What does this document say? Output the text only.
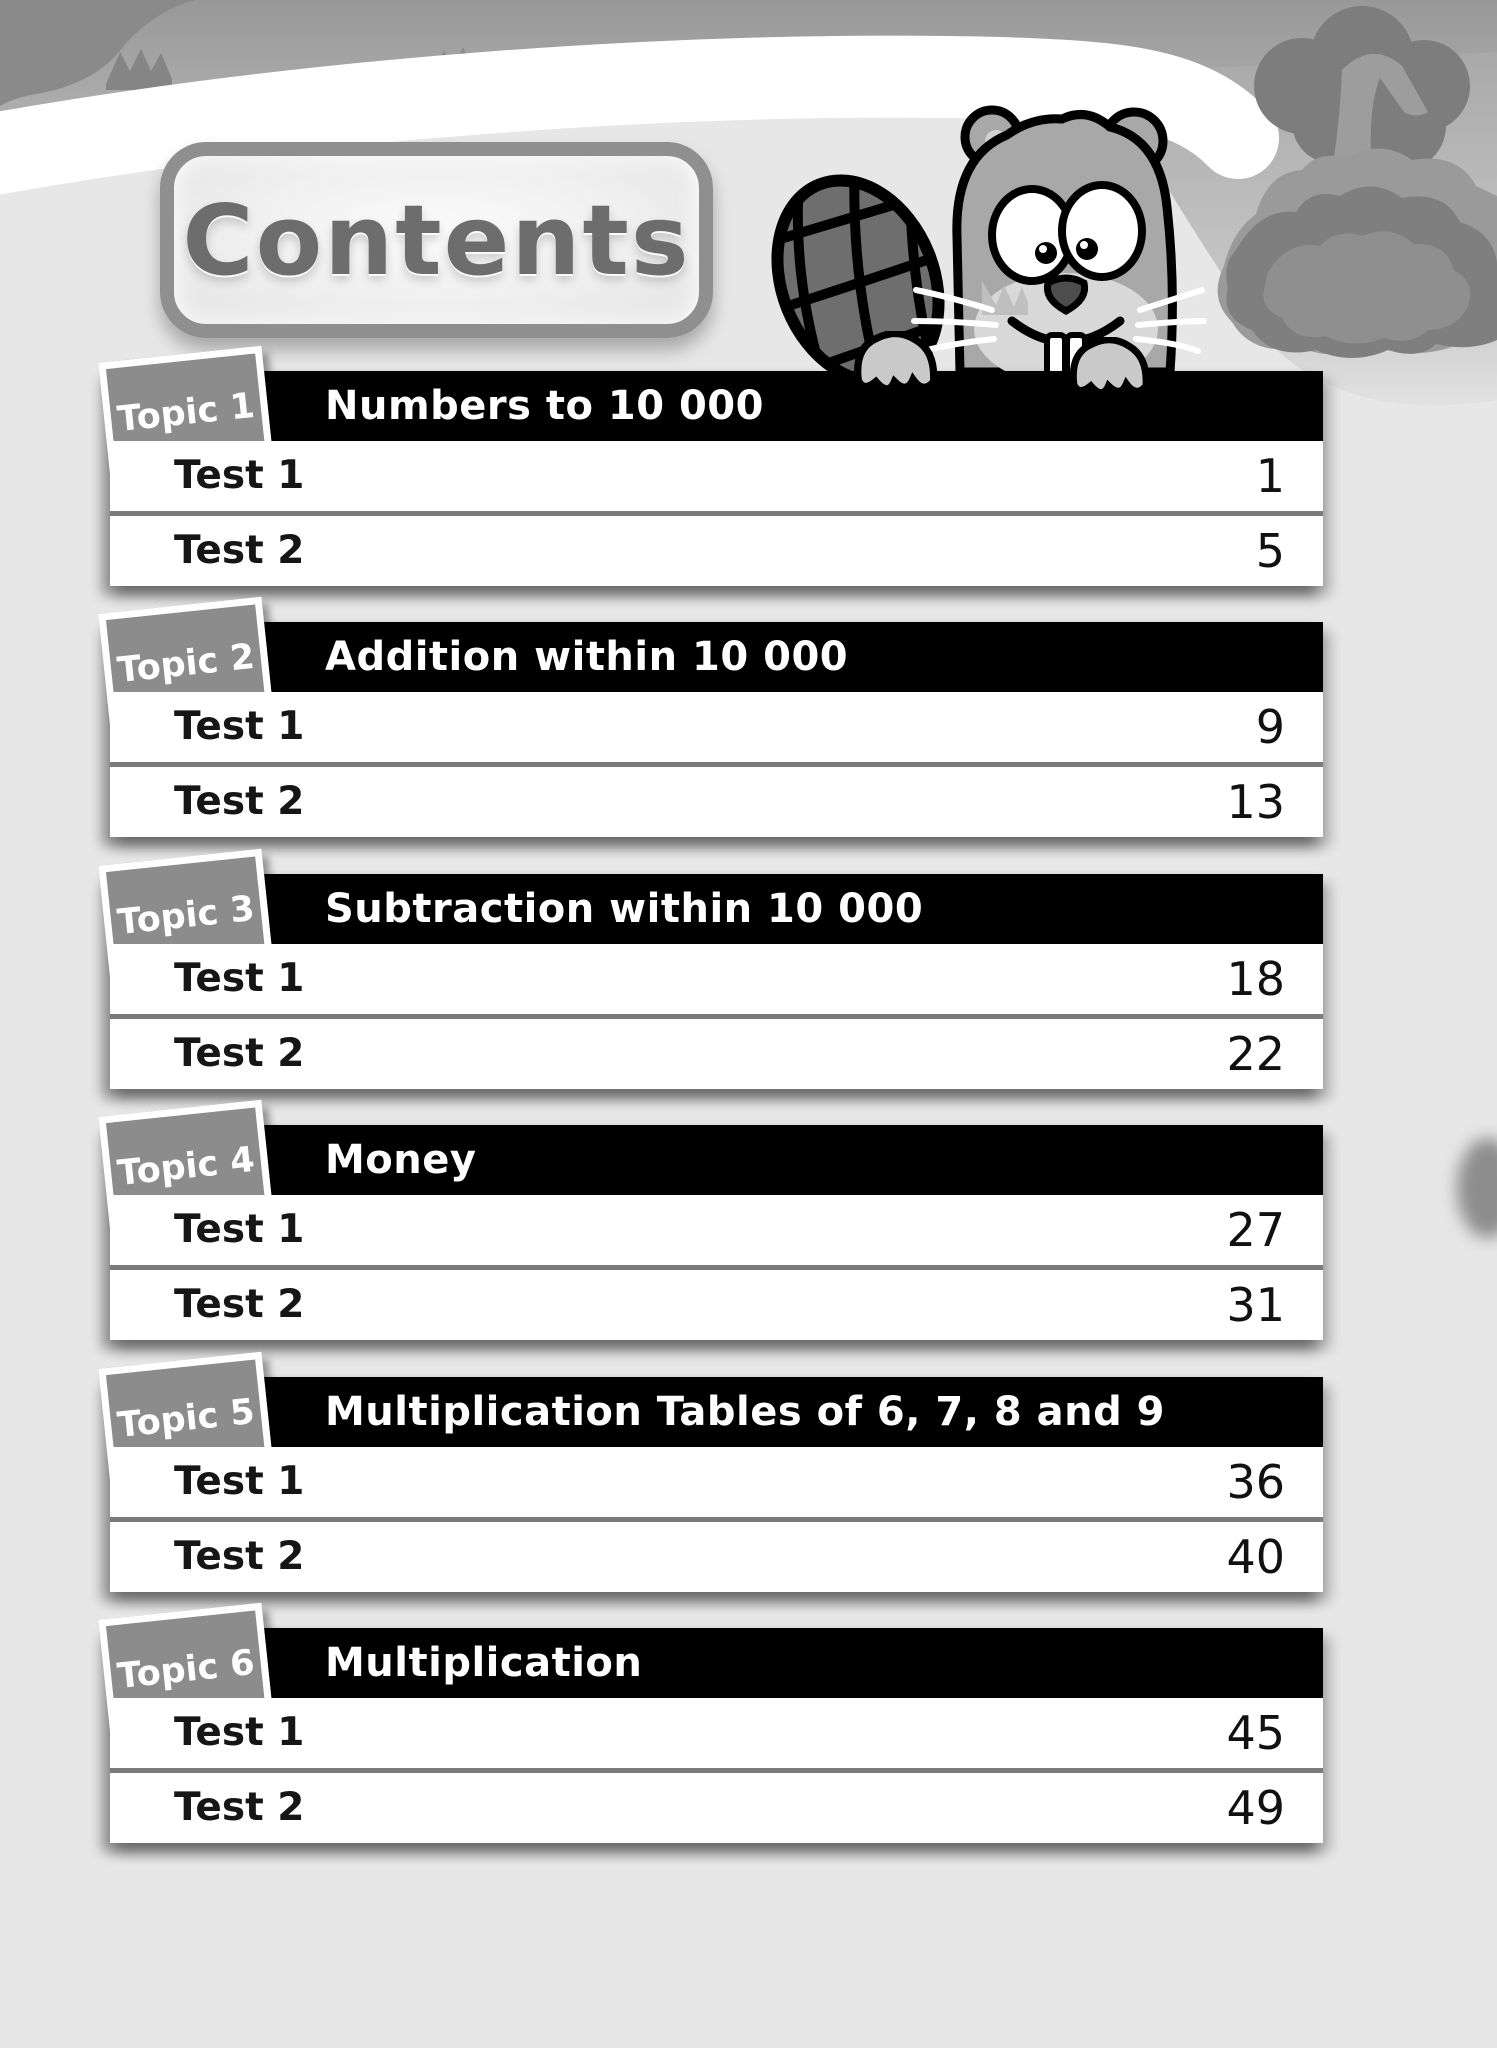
Contents
Topic 1 Numbers to 10 000
Test 1	1
Test 2	5
Topic 2 Addition within 10 000
Test 1	9
Test 2	13
Topic 3 Subtraction within 10 000
Test 1	18
Test 2	22
Topic 4 Money
Test 1	27
Test 2	31
Topic 5 Multiplication Tables of 6, 7, 8 and 9
Test 1	36
Test 2	40
Topic 6 Multiplication
Test 1	45
Test 2	49
